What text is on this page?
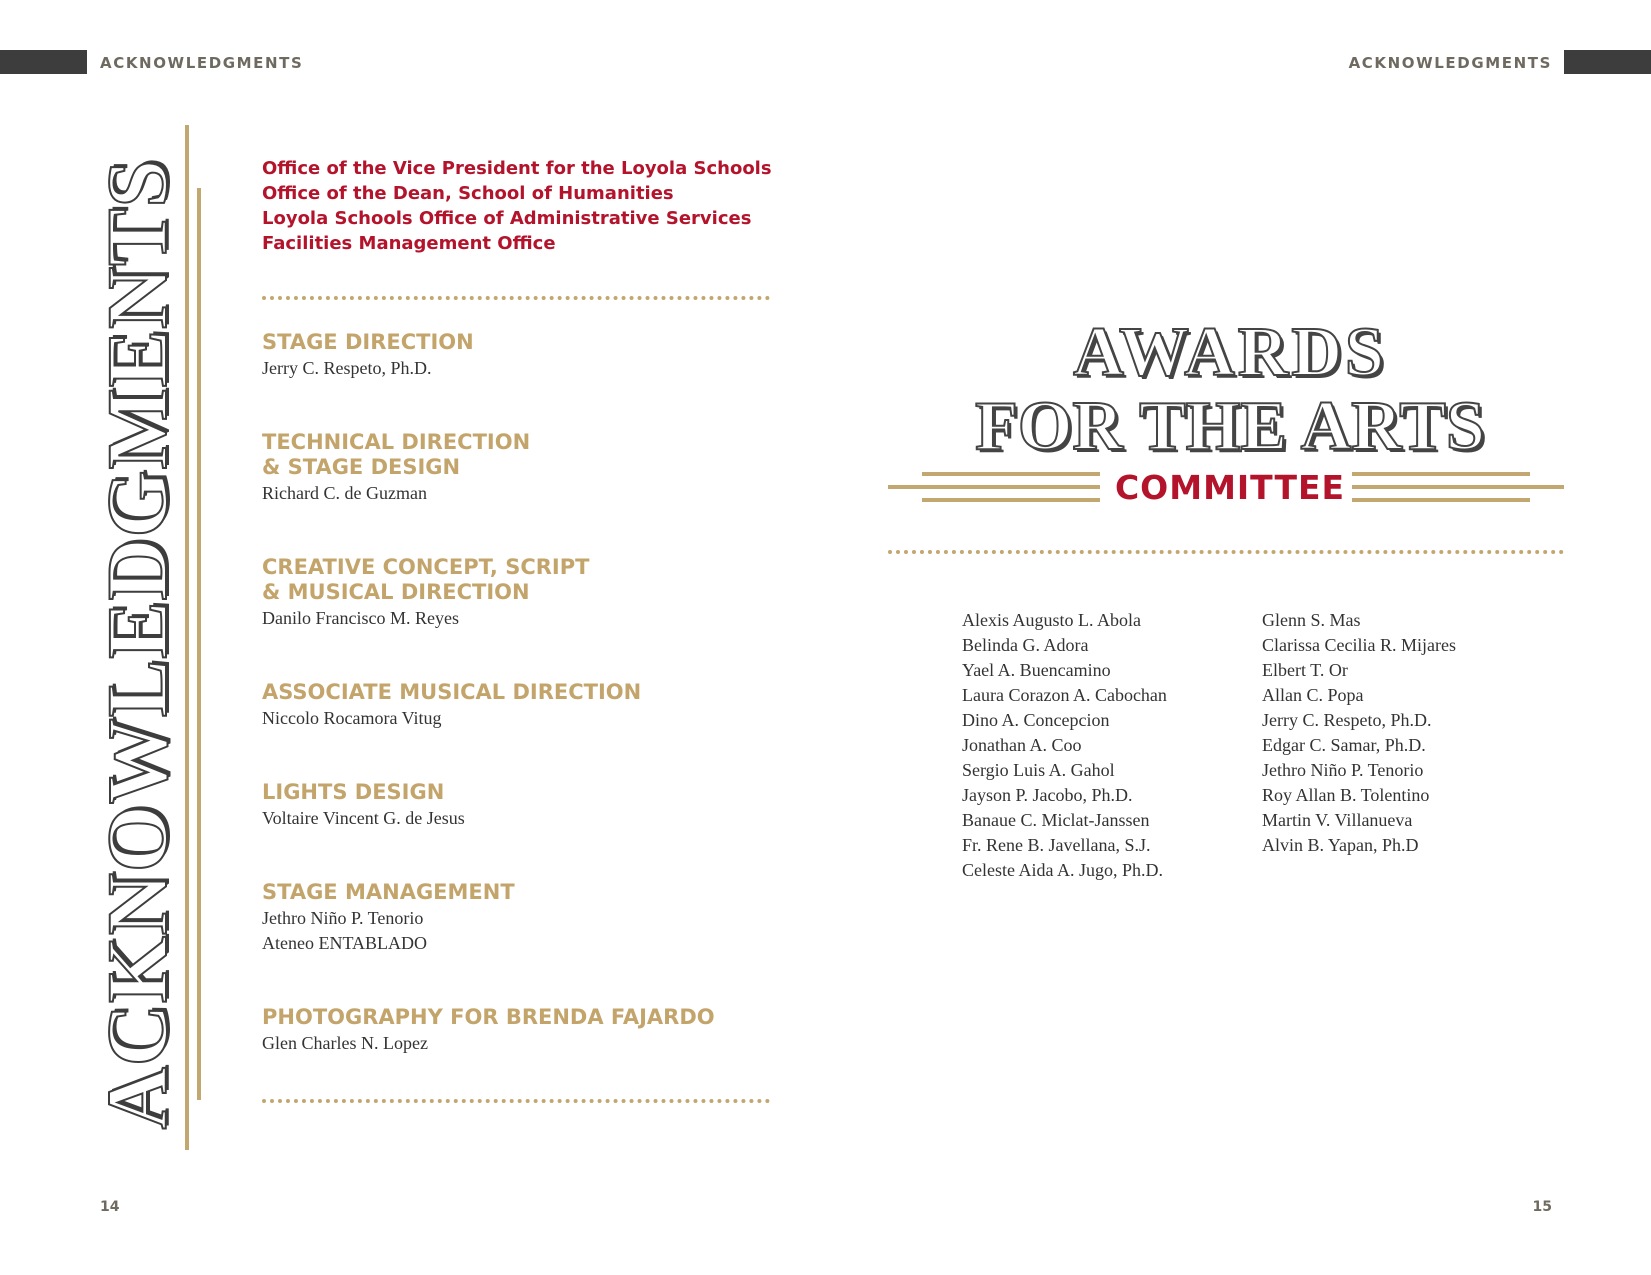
ACKNOWLEDGMENTS	ACKNOWLEDGMENTS
ACKNOWLEDGMENTS	Office of the Vice President for the Loyola Schools
Office of the Dean, School of Humanities
Loyola Schools Office of Administrative Services
Facilities Management Office
STAGE DIRECTION
Jerry C. Respeto, Ph.D.
TECHNICAL DIRECTION
& STAGE DESIGN
Richard C. de Guzman
CREATIVE CONCEPT, SCRIPT
& MUSICAL DIRECTION
Danilo Francisco M. Reyes
ASSOCIATE MUSICAL DIRECTION
Niccolo Rocamora Vitug
LIGHTS DESIGN
Voltaire Vincent G. de Jesus
STAGE MANAGEMENT
Jethro Niño P. Tenorio
Ateneo ENTABLADO
PHOTOGRAPHY FOR BRENDA FAJARDO
Glen Charles N. Lopez
AWARDS
FOR THE ARTS
COMMITTEE
Alexis Augusto L. Abola
Belinda G. Adora
Yael A. Buencamino
Laura Corazon A. Cabochan
Dino A. Concepcion
Jonathan A. Coo
Sergio Luis A. Gahol
Jayson P. Jacobo, Ph.D.
Banaue C. Miclat-Janssen
Fr. Rene B. Javellana, S.J.
Celeste Aida A. Jugo, Ph.D.
Glenn S. Mas
Clarissa Cecilia R. Mijares
Elbert T. Or
Allan C. Popa
Jerry C. Respeto, Ph.D.
Edgar C. Samar, Ph.D.
Jethro Niño P. Tenorio
Roy Allan B. Tolentino
Martin V. Villanueva
Alvin B. Yapan, Ph.D
14	15
